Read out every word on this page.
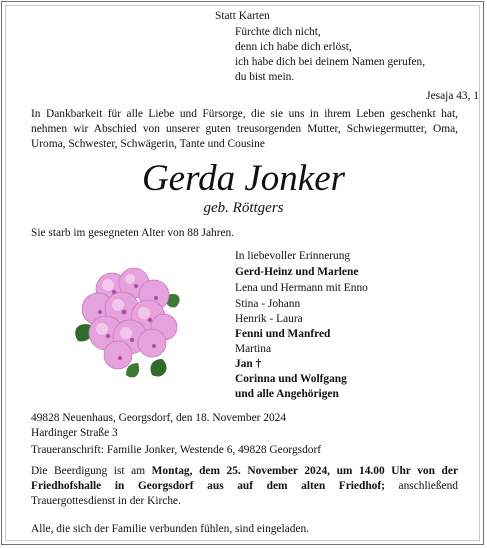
Statt Karten
Fürchte dich nicht,
denn ich habe dich erlöst,
ich habe dich bei deinem Namen gerufen,
du bist mein.
Jesaja 43, 1
In Dankbarkeit für alle Liebe und Fürsorge, die sie uns in ihrem Leben geschenkt hat, nehmen wir Abschied von unserer guten treusorgenden Mutter, Schwiegermutter, Oma, Uroma, Schwester, Schwägerin, Tante und Cousine
Gerda Jonker
geb. Röttgers
Sie starb im gesegneten Alter von 88 Jahren.
In liebevoller Erinnerung
Gerd-Heinz und Marlene
Lena und Hermann mit Enno
Stina - Johann
Henrik - Laura
Fenni und Manfred
Martina
Jan †
Corinna und Wolfgang
und alle Angehörigen
49828 Neuenhaus, Georgsdorf, den 18. November 2024
Hardinger Straße 3
Traueranschrift: Familie Jonker, Westende 6, 49828 Georgsdorf
Die Beerdigung ist am Montag, dem 25. November 2024, um 14.00 Uhr von der Friedhofshalle in Georgsdorf aus auf dem alten Friedhof; anschließend Trauergottesdienst in der Kirche.
Alle, die sich der Familie verbunden fühlen, sind eingeladen.
